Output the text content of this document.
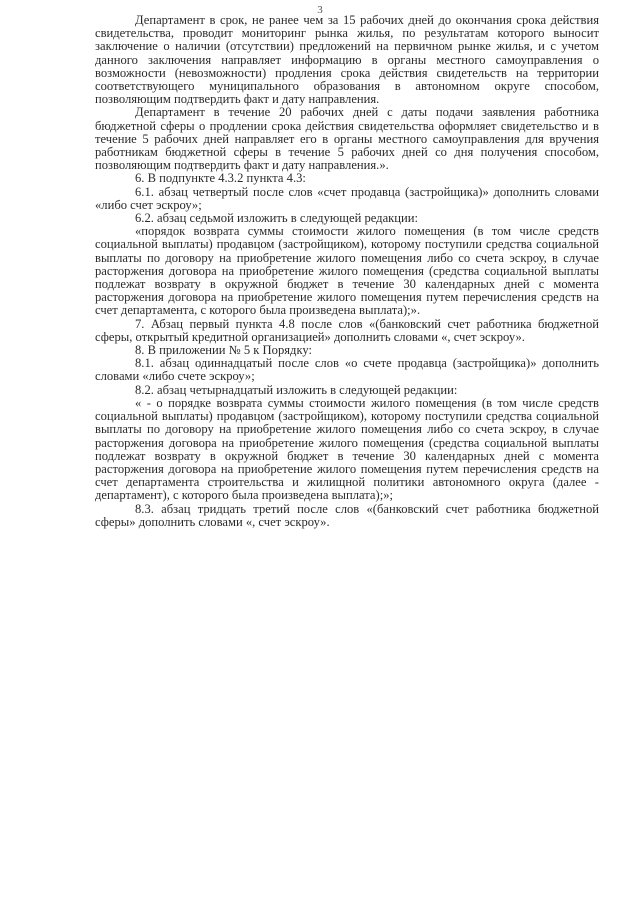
3

Департамент в срок, не ранее чем за 15 рабочих дней до окончания срока действия свидетельства, проводит мониторинг рынка жилья, по результатам которого выносит заключение о наличии (отсутствии) предложений на первичном рынке жилья, и с учетом данного заключения направляет информацию в органы местного самоуправления о возможности (невозможности) продления срока действия свидетельств на территории соответствующего муниципального образования в автономном округе способом, позволяющим подтвердить факт и дату направления.

Департамент в течение 20 рабочих дней с даты подачи заявления работника бюджетной сферы о продлении срока действия свидетельства оформляет свидетельство и в течение 5 рабочих дней направляет его в органы местного самоуправления для вручения работникам бюджетной сферы в течение 5 рабочих дней со дня получения способом, позволяющим подтвердить факт и дату направления.».

6. В подпункте 4.3.2 пункта 4.3:

6.1. абзац четвертый после слов «счет продавца (застройщика)» дополнить словами «либо счет эскроу»;

6.2. абзац седьмой изложить в следующей редакции:

«порядок возврата суммы стоимости жилого помещения (в том числе средств социальной выплаты) продавцом (застройщиком), которому поступили средства социальной выплаты по договору на приобретение жилого помещения либо со счета эскроу, в случае расторжения договора на приобретение жилого помещения (средства социальной выплаты подлежат возврату в окружной бюджет в течение 30 календарных дней с момента расторжения договора на приобретение жилого помещения путем перечисления средств на счет департамента, с которого была произведена выплата);».

7. Абзац первый пункта 4.8 после слов «(банковский счет работника бюджетной сферы, открытый кредитной организацией» дополнить словами «, счет эскроу».

8. В приложении № 5 к Порядку:

8.1. абзац одиннадцатый после слов «о счете продавца (застройщика)» дополнить словами «либо счете эскроу»;

8.2. абзац четырнадцатый изложить в следующей редакции:

« - о порядке возврата суммы стоимости жилого помещения (в том числе средств социальной выплаты) продавцом (застройщиком), которому поступили средства социальной выплаты по договору на приобретение жилого помещения либо со счета эскроу, в случае расторжения договора на приобретение жилого помещения (средства социальной выплаты подлежат возврату в окружной бюджет в течение 30 календарных дней с момента расторжения договора на приобретение жилого помещения путем перечисления средств на счет департамента строительства и жилищной политики автономного округа (далее - департамент), с которого была произведена выплата);»;

8.3. абзац тридцать третий после слов «(банковский счет работника бюджетной сферы» дополнить словами «, счет эскроу».
